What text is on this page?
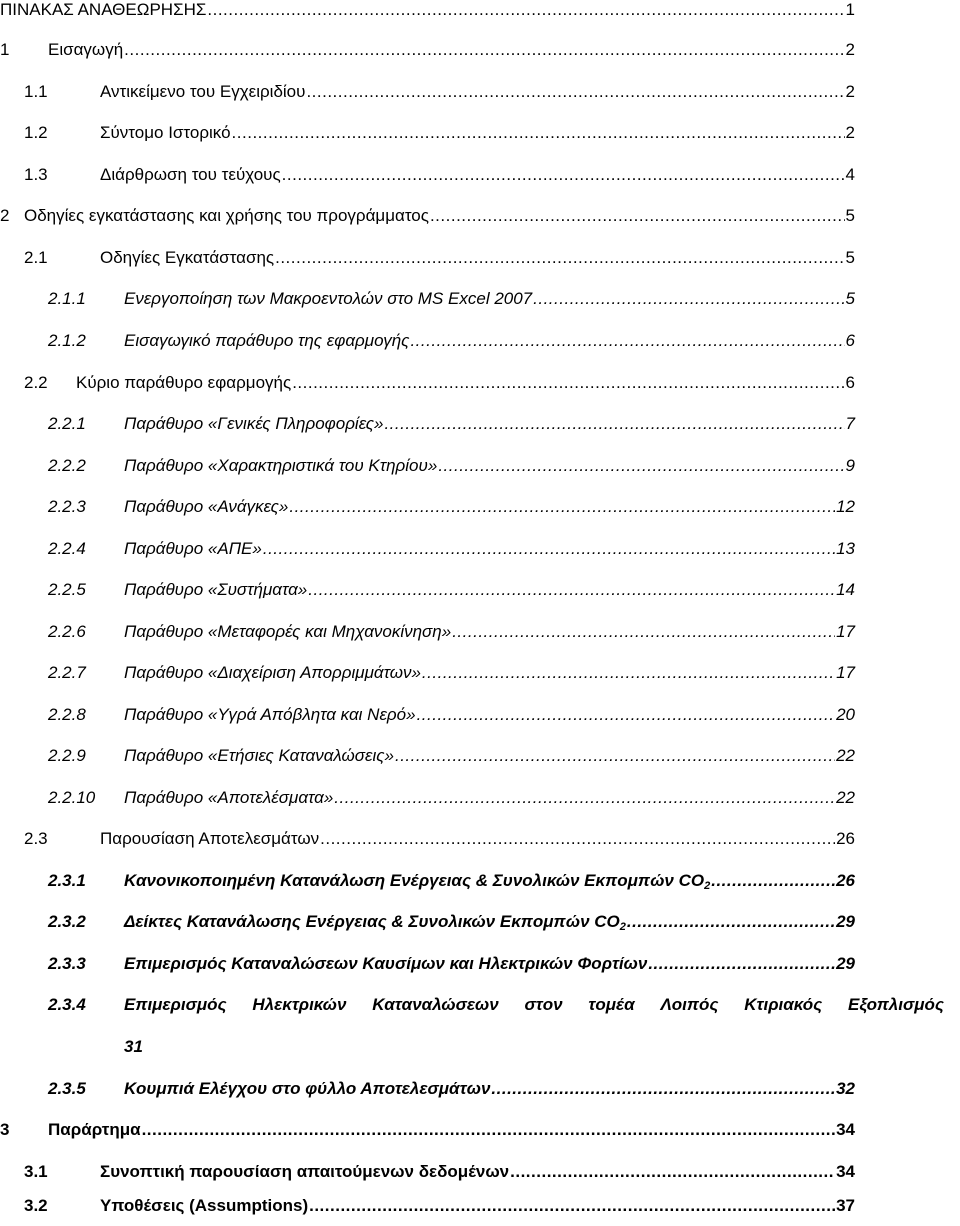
ΠΙΝΑΚΑΣ ΑΝΑΘΕΩΡΗΣΗΣ .....	1
1	Εισαγωγή .....	2
1.1	Αντικείμενο του Εγχειριδίου .....	2
1.2	Σύντομο Ιστορικό .....	2
1.3	Διάρθρωση του τεύχους .....	4
2 Οδηγίες εγκατάστασης και χρήσης του προγράμματος .....	5
2.1	Οδηγίες Εγκατάστασης .....	5
2.1.1	Ενεργοποίηση των Μακροεντολών στο MS Excel 2007 .....	5
2.1.2	Εισαγωγικό παράθυρο της εφαρμογής .....	6
2.2	Κύριο παράθυρο εφαρμογής .....	6
2.2.1	Παράθυρο «Γενικές Πληροφορίες» .....	7
2.2.2	Παράθυρο «Χαρακτηριστικά του Κτηρίου» .....	9
2.2.3	Παράθυρο «Ανάγκες» .....	12
2.2.4	Παράθυρο «ΑΠΕ» .....	13
2.2.5	Παράθυρο «Συστήματα» .....	14
2.2.6	Παράθυρο «Μεταφορές και Μηχανοκίνηση» .....	17
2.2.7	Παράθυρο «Διαχείριση Απορριμμάτων» .....	17
2.2.8	Παράθυρο «Υγρά Απόβλητα και Νερό» .....	20
2.2.9	Παράθυρο «Ετήσιες Καταναλώσεις» .....	22
2.2.10	Παράθυρο «Αποτελέσματα» .....	22
2.3	Παρουσίαση Αποτελεσμάτων .....	26
2.3.1	Κανονικοποιημένη Κατανάλωση Ενέργειας & Συνολικών Εκπομπών $CO_2$ .....	26
2.3.2	Δείκτες Κατανάλωσης Ενέργειας & Συνολικών Εκπομπών $CO_2$ .....	29
2.3.3	Επιμερισμός Καταναλώσεων Καυσίμων και Ηλεκτρικών Φορτίων .....	29
2.3.4	Επιμερισμός Ηλεκτρικών Καταναλώσεων στον τομέα Λοιπός Κτιριακός Εξοπλισμός
31
2.3.5	Κουμπιά Ελέγχου στο φύλλο Αποτελεσμάτων .....	32
3	Παράρτημα .....	34
3.1	Συνοπτική παρουσίαση απαιτούμενων δεδομένων .....	34
3.2	Υποθέσεις (Assumptions) .....	37
